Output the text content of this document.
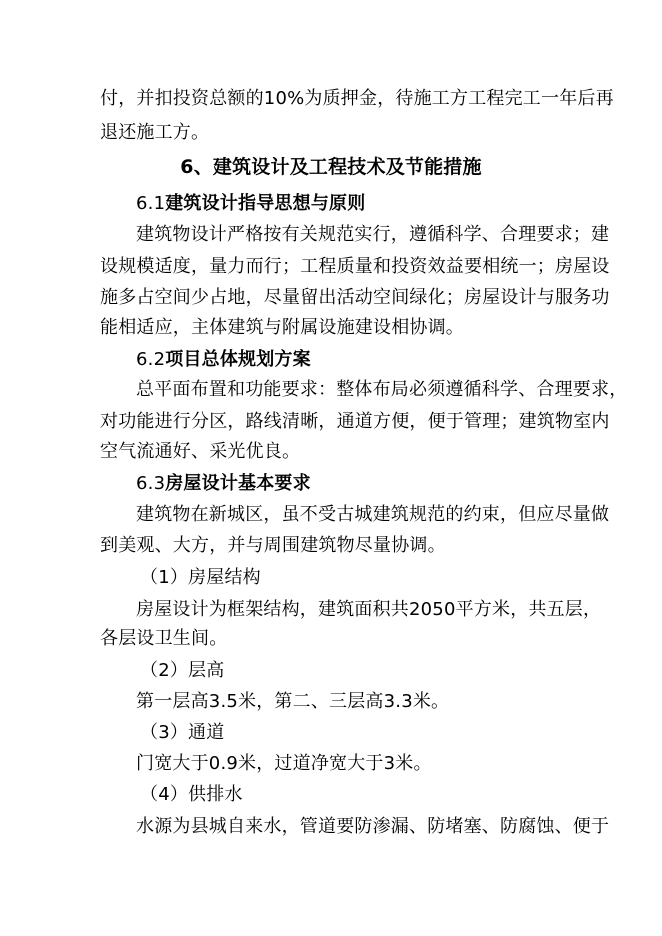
付，并扣投资总额的10%为质押金，待施工方工程完工一年后再
退还施工方。
6、建筑设计及工程技术及节能措施
6.1建筑设计指导思想与原则
建筑物设计严格按有关规范实行，遵循科学、合理要求；建
设规模适度，量力而行；工程质量和投资效益要相统一；房屋设
施多占空间少占地，尽量留出活动空间绿化；房屋设计与服务功
能相适应，主体建筑与附属设施建设相协调。
6.2项目总体规划方案
总平面布置和功能要求：整体布局必须遵循科学、合理要求，
对功能进行分区，路线清晰，通道方便，便于管理；建筑物室内
空气流通好、采光优良。
6.3房屋设计基本要求
建筑物在新城区，虽不受古城建筑规范的约束，但应尽量做
到美观、大方，并与周围建筑物尽量协调。
（1）房屋结构
房屋设计为框架结构，建筑面积共2050平方米，共五层，
各层设卫生间。
（2）层高
第一层高3.5米，第二、三层高3.3米。
（3）通道
门宽大于0.9米，过道净宽大于3米。
（4）供排水
水源为县城自来水，管道要防渗漏、防堵塞、防腐蚀、便于
